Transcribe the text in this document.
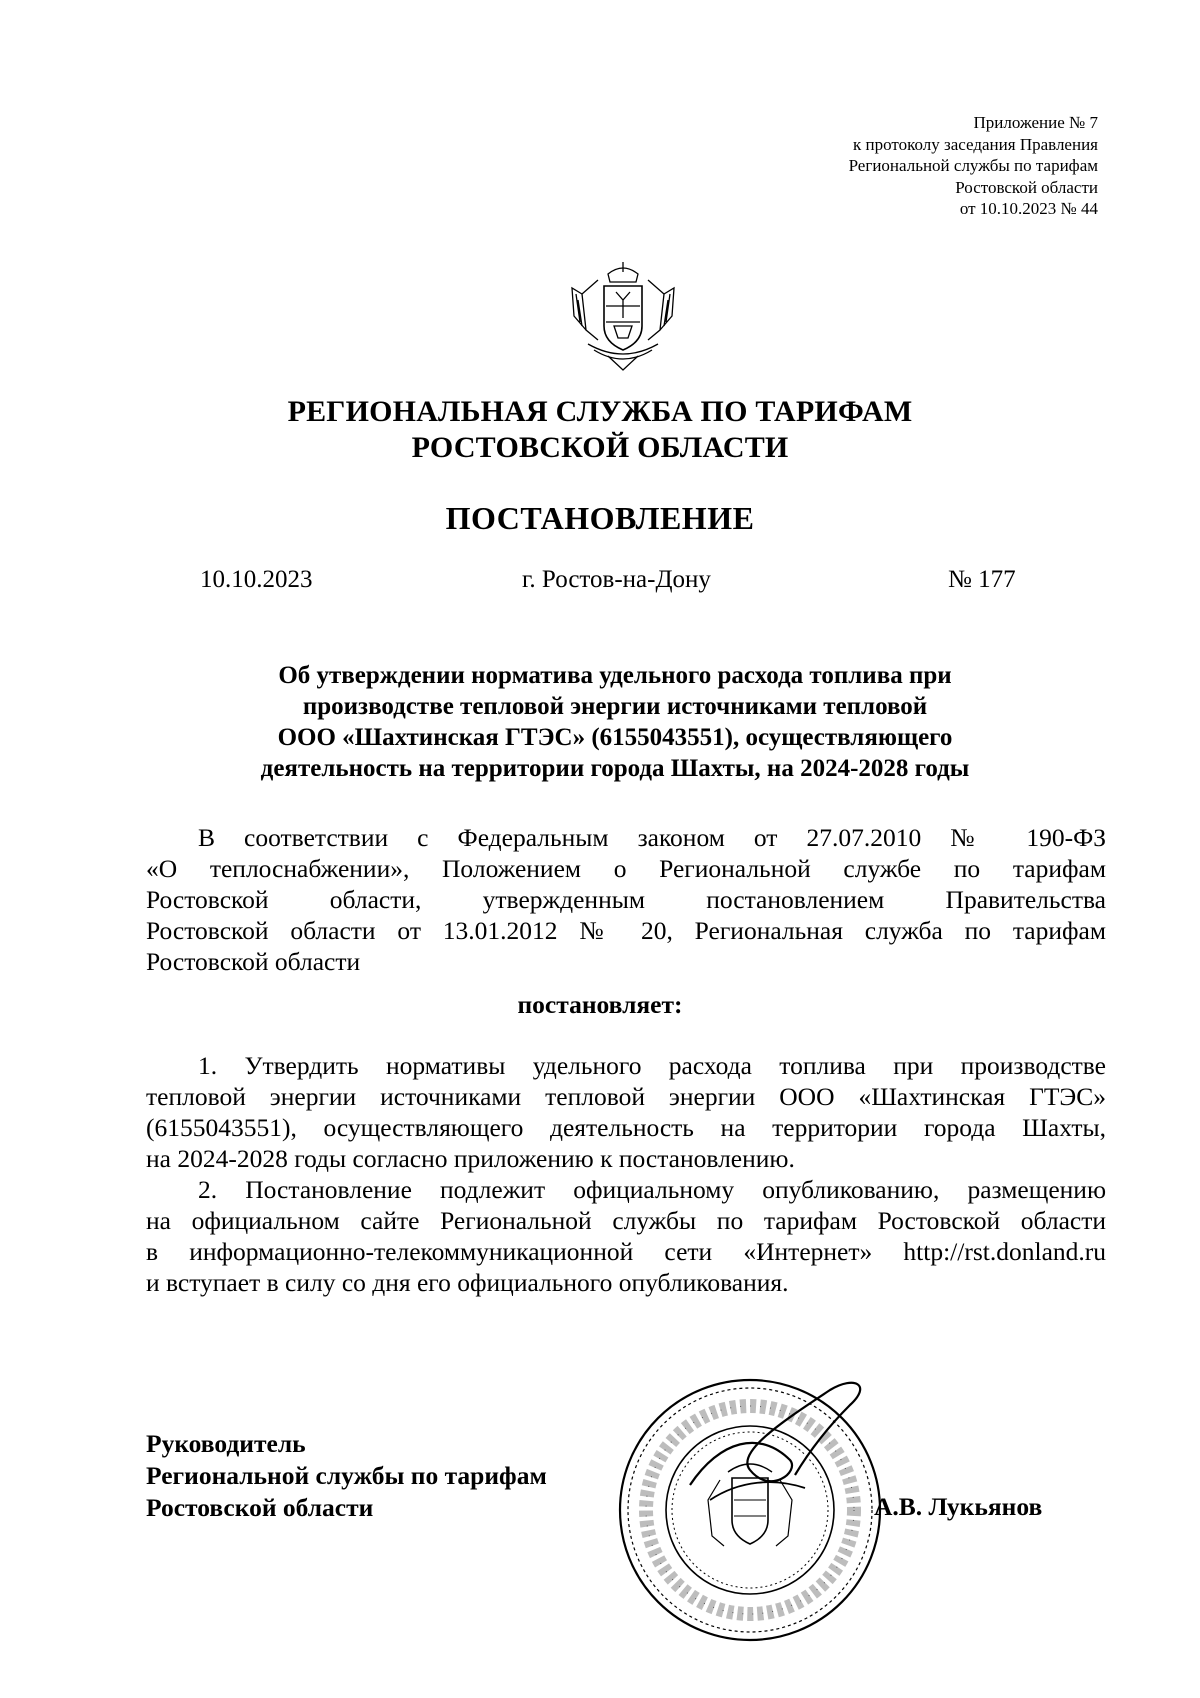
Приложение № 7
к протоколу заседания Правления
Региональной службы по тарифам
Ростовской области
от 10.10.2023 № 44
РЕГИОНАЛЬНАЯ СЛУЖБА ПО ТАРИФАМ
РОСТОВСКОЙ ОБЛАСТИ
ПОСТАНОВЛЕНИЕ
10.10.2023	г. Ростов-на-Дону	№ 177
Об утверждении норматива удельного расхода топлива при
производстве тепловой энергии источниками тепловой
ООО «Шахтинская ГТЭС» (6155043551), осуществляющего
деятельность на территории города Шахты, на 2024-2028 годы
В соответствии с Федеральным законом от 27.07.2010 № 190-ФЗ
«О теплоснабжении», Положением о Региональной службе по тарифам
Ростовской области, утвержденным постановлением Правительства
Ростовской области от 13.01.2012 № 20, Региональная служба по тарифам
Ростовской области
постановляет:
1. Утвердить нормативы удельного расхода топлива при производстве
тепловой энергии источниками тепловой энергии ООО «Шахтинская ГТЭС»
(6155043551), осуществляющего деятельность на территории города Шахты,
на 2024-2028 годы согласно приложению к постановлению.
2. Постановление подлежит официальному опубликованию, размещению
на официальном сайте Региональной службы по тарифам Ростовской области
в информационно-телекоммуникационной сети «Интернет» http://rst.donland.ru
и вступает в силу со дня его официального опубликования.
Руководитель
Региональной службы по тарифам
Ростовской области	А.В. Лукьянов
